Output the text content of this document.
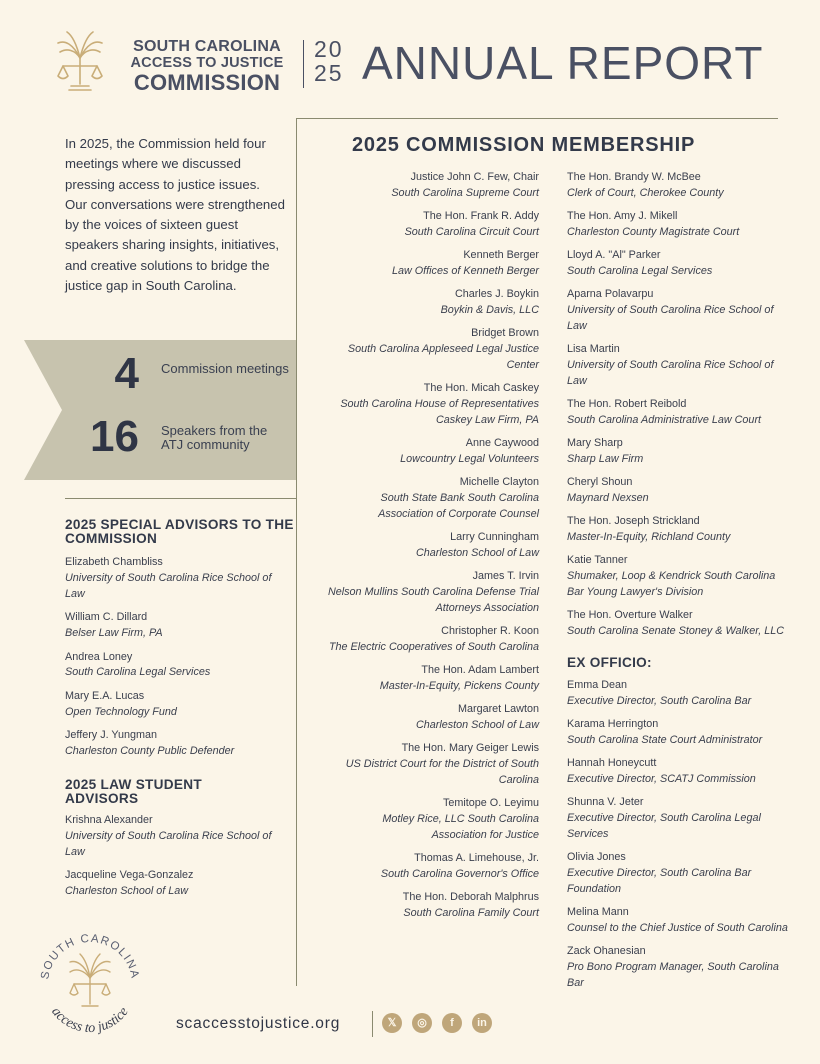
SOUTH CAROLINA
ACCESS TO JUSTICE
COMMISSION
20
25 ANNUAL REPORT
In 2025, the Commission held four meetings where we discussed pressing access to justice issues. Our conversations were strengthened by the voices of sixteen guest speakers sharing insights, initiatives, and creative solutions to bridge the justice gap in South Carolina.
4 Commission meetings
16 Speakers from the ATJ community
2025 SPECIAL ADVISORS TO THE COMMISSION
Elizabeth Chambliss
University of South Carolina Rice School of Law
William C. Dillard
Belser Law Firm, PA
Andrea Loney
South Carolina Legal Services
Mary E.A. Lucas
Open Technology Fund
Jeffery J. Yungman
Charleston County Public Defender
2025 LAW STUDENT ADVISORS
Krishna Alexander
University of South Carolina Rice School of Law
Jacqueline Vega-Gonzalez
Charleston School of Law
2025 COMMISSION MEMBERSHIP
Justice John C. Few, Chair
South Carolina Supreme Court
The Hon. Frank R. Addy
South Carolina Circuit Court
Kenneth Berger
Law Offices of Kenneth Berger
Charles J. Boykin
Boykin & Davis, LLC
Bridget Brown
South Carolina Appleseed Legal Justice Center
The Hon. Micah Caskey
South Carolina House of Representatives Caskey Law Firm, PA
Anne Caywood
Lowcountry Legal Volunteers
Michelle Clayton
South State Bank South Carolina Association of Corporate Counsel
Larry Cunningham
Charleston School of Law
James T. Irvin
Nelson Mullins South Carolina Defense Trial Attorneys Association
Christopher R. Koon
The Electric Cooperatives of South Carolina
The Hon. Adam Lambert
Master-In-Equity, Pickens County
Margaret Lawton
Charleston School of Law
The Hon. Mary Geiger Lewis
US District Court for the District of South Carolina
Temitope O. Leyimu
Motley Rice, LLC South Carolina Association for Justice
Thomas A. Limehouse, Jr.
South Carolina Governor's Office
The Hon. Deborah Malphrus
South Carolina Family Court
The Hon. Brandy W. McBee
Clerk of Court, Cherokee County
The Hon. Amy J. Mikell
Charleston County Magistrate Court
Lloyd A. "Al" Parker
South Carolina Legal Services
Aparna Polavarpu
University of South Carolina Rice School of Law
Lisa Martin
University of South Carolina Rice School of Law
The Hon. Robert Reibold
South Carolina Administrative Law Court
Mary Sharp
Sharp Law Firm
Cheryl Shoun
Maynard Nexsen
The Hon. Joseph Strickland
Master-In-Equity, Richland County
Katie Tanner
Shumaker, Loop & Kendrick South Carolina Bar Young Lawyer's Division
The Hon. Overture Walker
South Carolina Senate Stoney & Walker, LLC
EX OFFICIO:
Emma Dean
Executive Director, South Carolina Bar
Karama Herrington
South Carolina State Court Administrator
Hannah Honeycutt
Executive Director, SCATJ Commission
Shunna V. Jeter
Executive Director, South Carolina Legal Services
Olivia Jones
Executive Director, South Carolina Bar Foundation
Melina Mann
Counsel to the Chief Justice of South Carolina
Zack Ohanesian
Pro Bono Program Manager, South Carolina Bar
SOUTH CAROLINA
access to justice
scaccesstojustice.org	𝕏	◎	f	in
